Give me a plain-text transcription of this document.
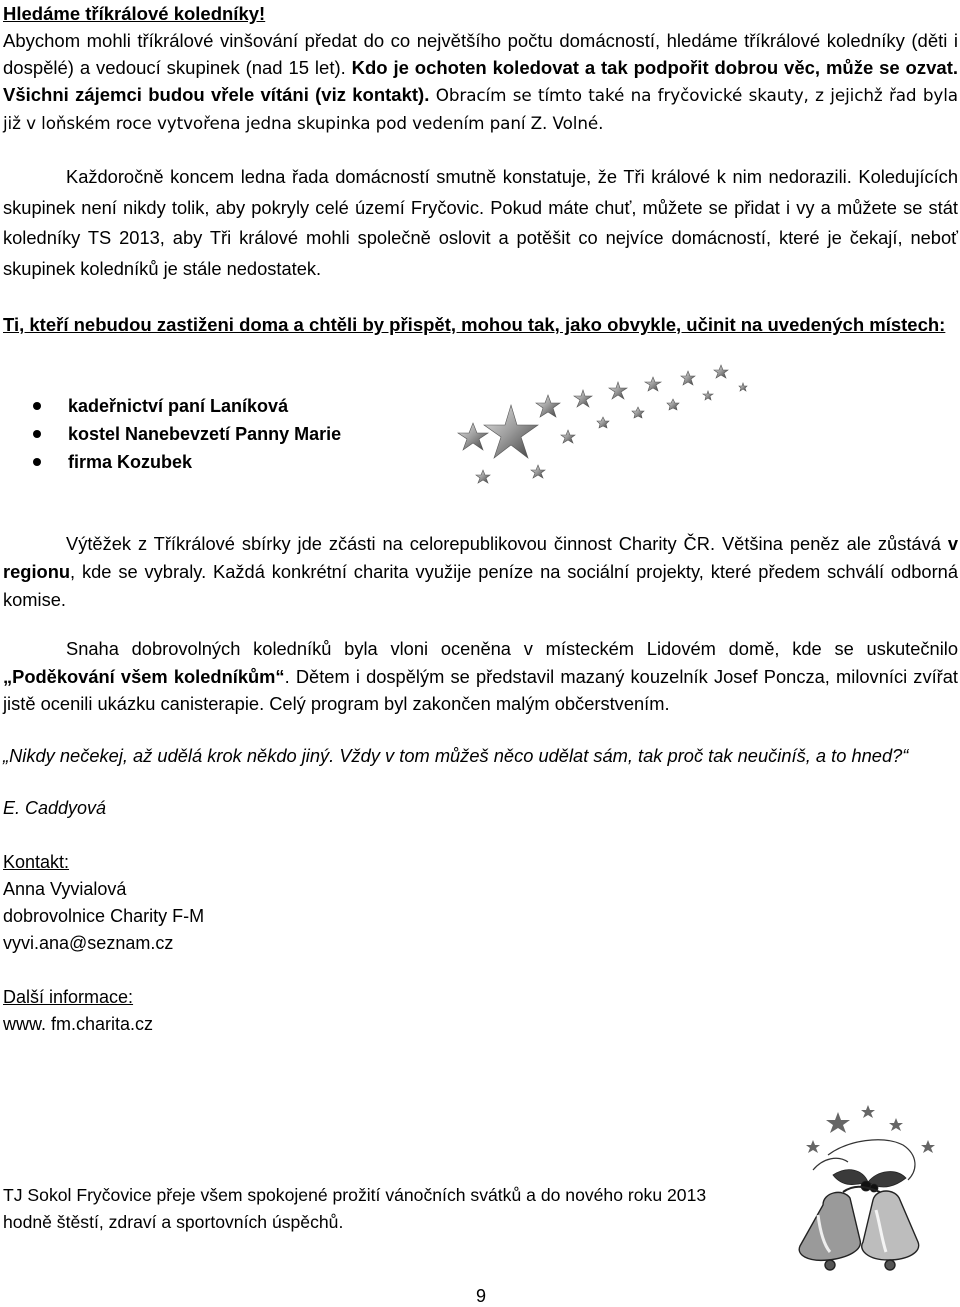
Hledáme tříkrálové koledníky!
Abychom mohli tříkrálové vinšování předat do co největšího počtu domácností, hledáme tříkrálové koledníky (děti i dospělé) a vedoucí skupinek (nad 15 let). Kdo je ochoten koledovat a tak podpořit dobrou věc, může se ozvat. Všichni zájemci budou vřele vítáni (viz kontakt). Obracím se tímto také na fryčovické skauty, z jejichž řad byla již v loňském roce vytvořena jedna skupinka pod vedením paní Z. Volné.
Každoročně koncem ledna řada domácností smutně konstatuje, že Tři králové k nim nedorazili. Koledujících skupinek není nikdy tolik, aby pokryly celé území Fryčovic. Pokud máte chuť, můžete se přidat i vy a můžete se stát koledníky TS 2013, aby Tři králové mohli společně oslovit a potěšit co nejvíce domácností, které je čekají, neboť skupinek koledníků je stále nedostatek.
Ti, kteří nebudou zastiženi doma a chtěli by přispět, mohou tak, jako obvykle, učinit na uvedených místech:
kadeřnictví paní Laníková
kostel Nanebevzetí Panny Marie
firma Kozubek
Výtěžek z Tříkrálové sbírky jde zčásti na celorepublikovou činnost Charity ČR. Většina peněz ale zůstává v regionu, kde se vybraly. Každá konkrétní charita využije peníze na sociální projekty, které předem schválí odborná komise.
Snaha dobrovolných koledníků byla vloni oceněna v místeckém Lidovém domě, kde se uskutečnilo „Poděkování všem koledníkům“. Dětem i dospělým se představil mazaný kouzelník Josef Poncza, milovníci zvířat jistě ocenili ukázku canisterapie. Celý program byl zakončen malým občerstvením.
„Nikdy nečekej, až udělá krok někdo jiný. Vždy v tom můžeš něco udělat sám, tak proč tak neučiníš, a to hned?“
E. Caddyová
Kontakt:
Anna Vyvialová
dobrovolnice Charity F-M
vyvi.ana@seznam.cz
Další informace:
www. fm.charita.cz
TJ Sokol Fryčovice přeje všem spokojené prožití vánočních svátků a do nového roku 2013
hodně štěstí, zdraví a sportovních úspěchů.
9
